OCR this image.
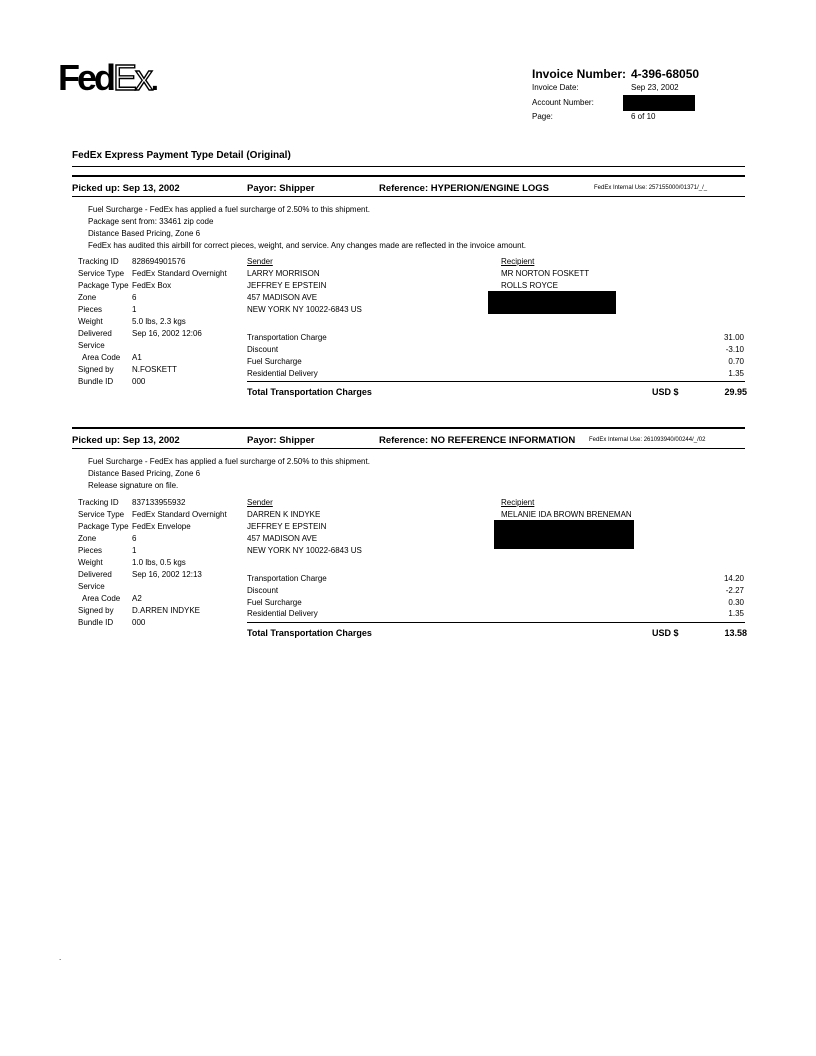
FedEx.	Invoice Number: 4-396-68050
Invoice Date:	Sep 23, 2002
Account Number:
Page:	6 of 10
FedEx Express Payment Type Detail (Original)
Picked up: Sep 13, 2002	Payor: Shipper	Reference: HYPERION/ENGINE LOGS	FedEx Internal Use: 257155000/01371/_/_
Fuel Surcharge - FedEx has applied a fuel surcharge of 2.50% to this shipment.
Package sent from: 33461 zip code
Distance Based Pricing, Zone 6
FedEx has audited this airbill for correct pieces, weight, and service. Any changes made are reflected in the invoice amount.
Tracking ID 828694901576
Service Type FedEx Standard Overnight
Package Type FedEx Box
Zone	6
Pieces	1
Weight	5.0 lbs, 2.3 kgs
Delivered	Sep 16, 2002 12:06
Service
Area Code A1
Signed by N.FOSKETT
Bundle ID 000
Sender
LARRY MORRISON
JEFFREY E EPSTEIN
457 MADISON AVE
NEW YORK NY 10022-6843 US
Recipient
MR NORTON FOSKETT
ROLLS ROYCE
Transportation Charge	31.00
Discount	-3.10
Fuel Surcharge	0.70
Residential Delivery	1.35
Total Transportation Charges	USD $	29.95
Picked up: Sep 13, 2002	Payor: Shipper	Reference: NO REFERENCE INFORMATION FedEx Internal Use: 261093940/00244/_/02
Fuel Surcharge - FedEx has applied a fuel surcharge of 2.50% to this shipment.
Distance Based Pricing, Zone 6
Release signature on file.
Tracking ID 837133955932
Service Type FedEx Standard Overnight
Package Type FedEx Envelope
Zone	6
Pieces	1
Weight	1.0 lbs, 0.5 kgs
Delivered	Sep 16, 2002 12:13
Service
Area Code A2
Signed by D.ARREN INDYKE
Bundle ID 000
Sender
DARREN K INDYKE
JEFFREY E EPSTEIN
457 MADISON AVE
NEW YORK NY 10022-6843 US
Recipient
MELANIE IDA BROWN BRENEMAN
Transportation Charge	14.20
Discount	-2.27
Fuel Surcharge	0.30
Residential Delivery	1.35
Total Transportation Charges	USD $	13.58
.
